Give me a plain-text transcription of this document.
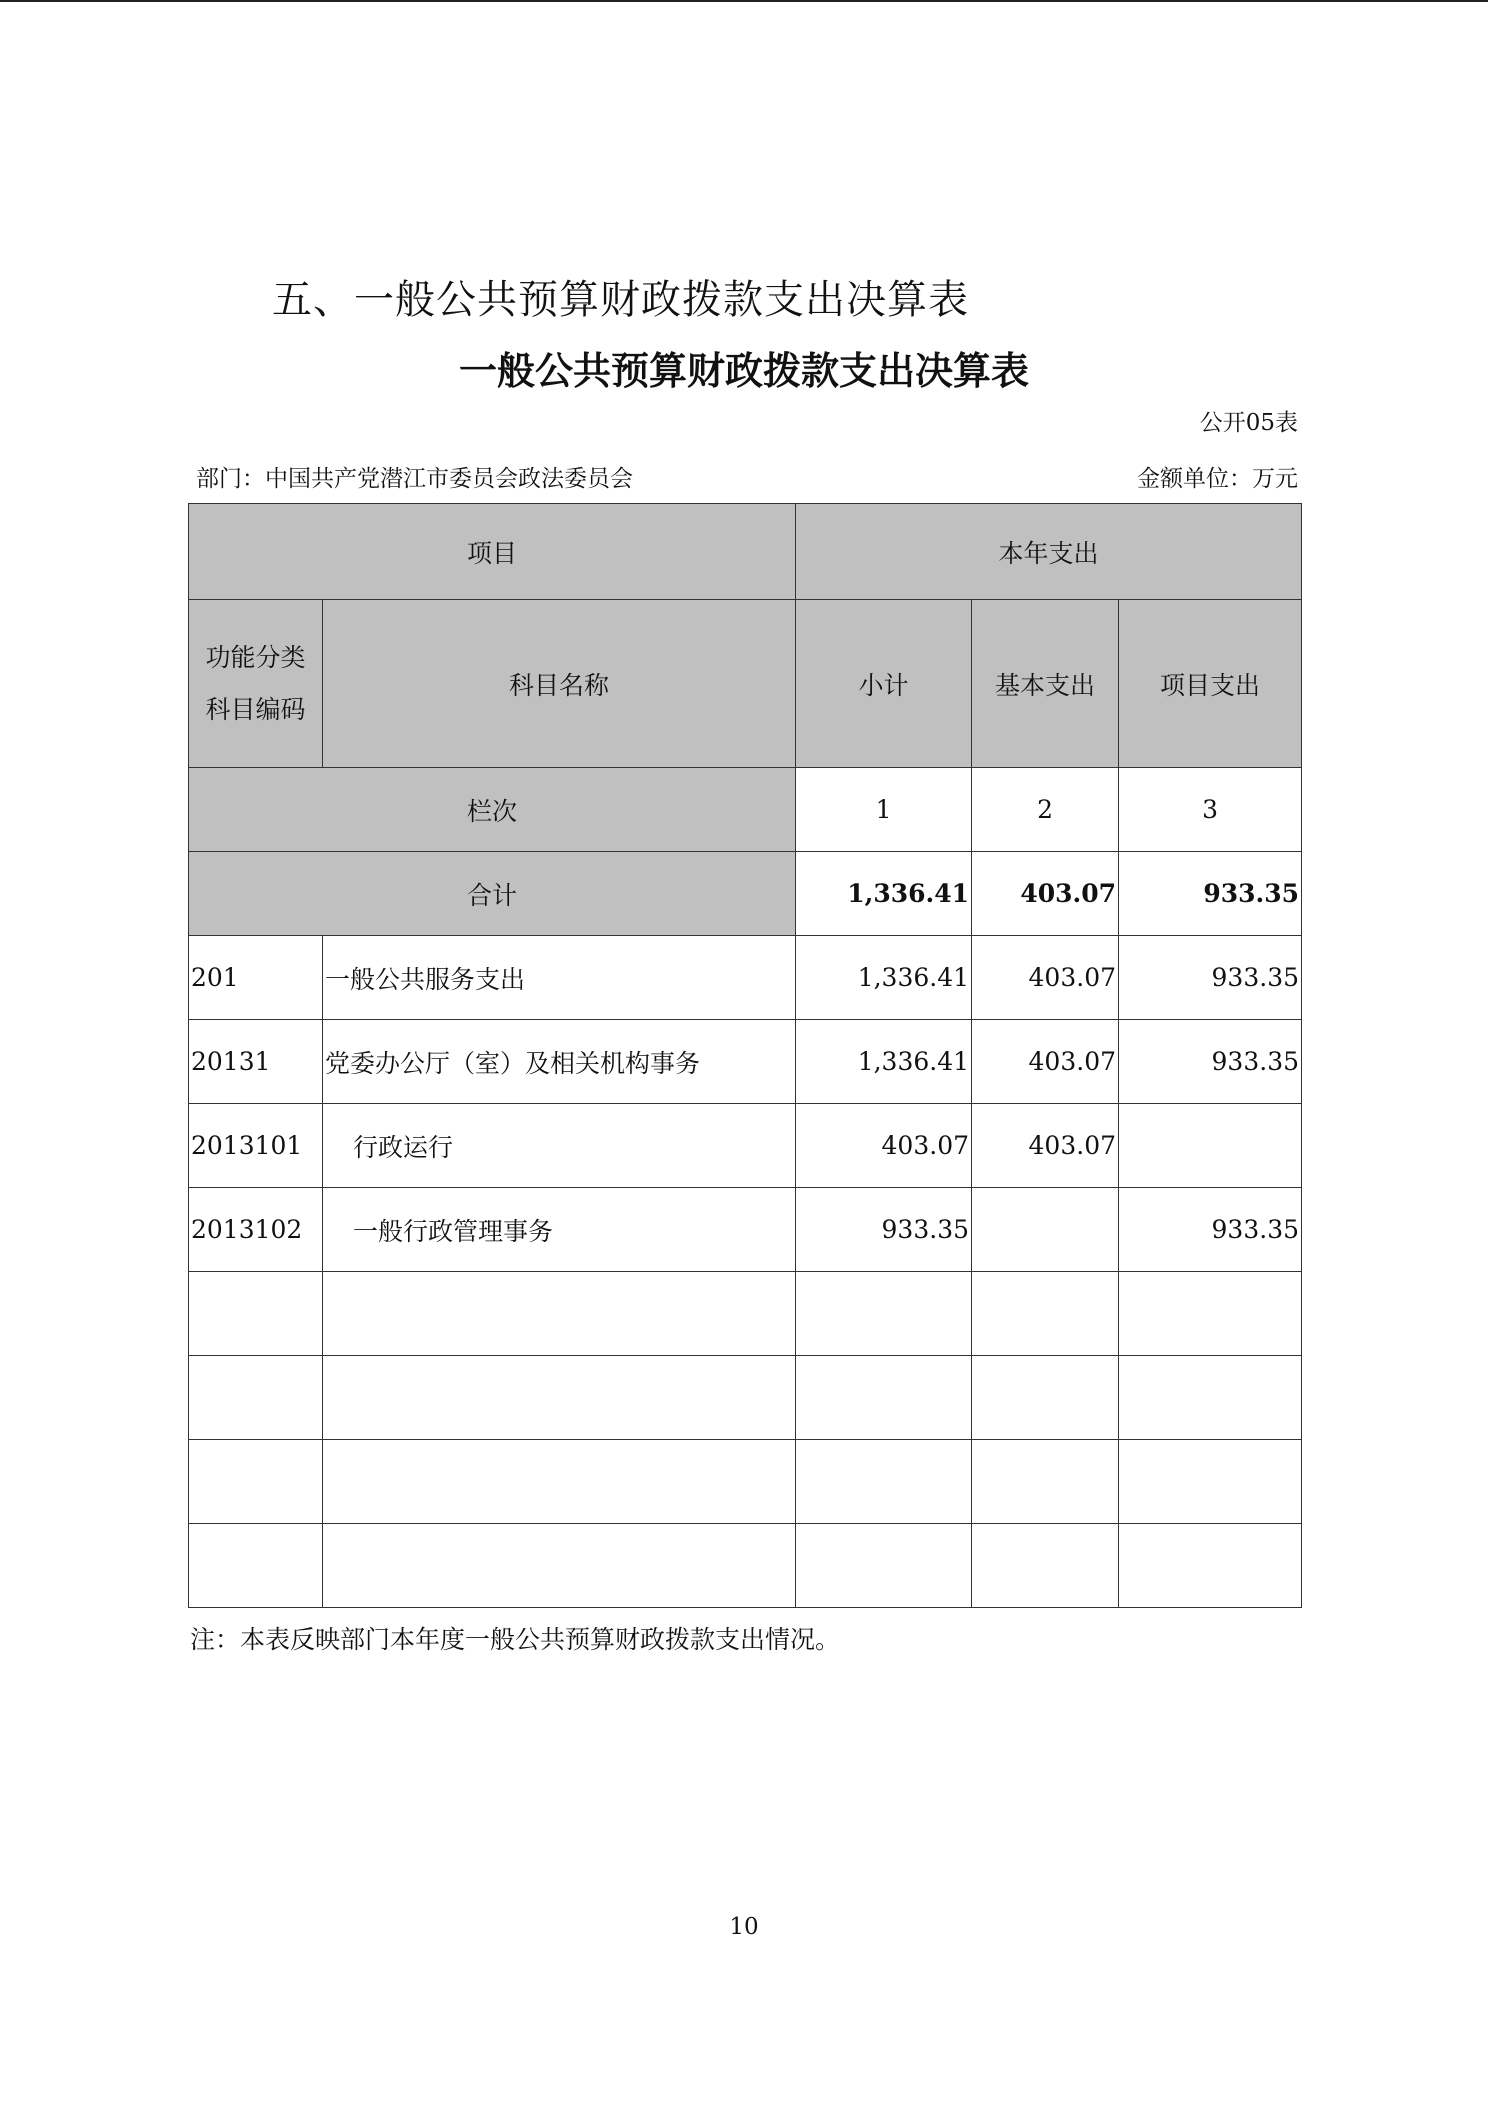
五、一般公共预算财政拨款支出决算表
一般公共预算财政拨款支出决算表
公开05表
部门：中国共产党潜江市委员会政法委员会	金额单位：万元
项目		本年支出		

功能分类
科目编码	科目名称	小计	基本支出	项目支出
栏次		1	2	3
合计		1,336.41	403.07	933.35
201	一般公共服务支出	1,336.41	403.07	933.35
20131	党委办公厅（室）及相关机构事务	1,336.41	403.07	933.35
2013101	行政运行	403.07	403.07	
2013102	一般行政管理事务	933.35		933.35

注：本表反映部门本年度一般公共预算财政拨款支出情况。
10
